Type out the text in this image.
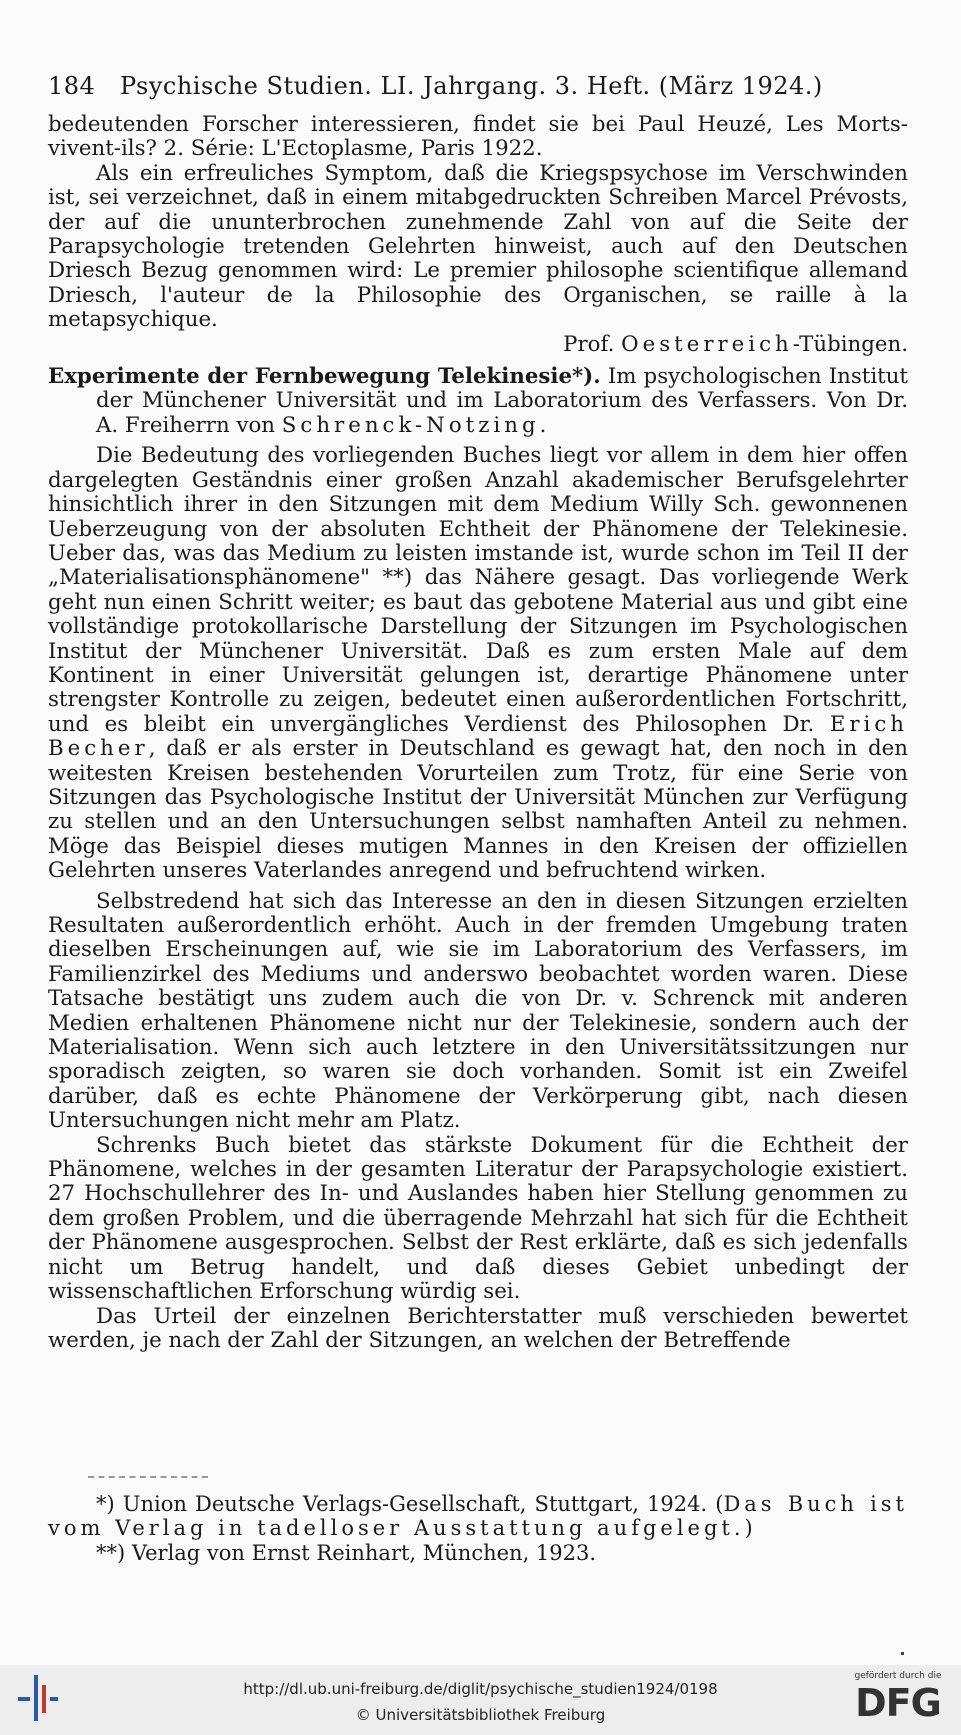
184 Psychische Studien. LI. Jahrgang. 3. Heft. (März 1924.)

bedeutenden Forscher interessieren, findet sie bei Paul Heuzé, Les Morts-vivent-ils? 2. Série: L'Ectoplasme, Paris 1922.

Als ein erfreuliches Symptom, daß die Kriegspsychose im Verschwinden ist, sei verzeichnet, daß in einem mitabgedruckten Schreiben Marcel Prévosts, der auf die ununterbrochen zunehmende Zahl von auf die Seite der Parapsychologie tretenden Gelehrten hinweist, auch auf den Deutschen Driesch Bezug genommen wird: Le premier philosophe scientifique allemand Driesch, l'auteur de la Philosophie des Organischen, se raille à la metapsychique.

Prof. Oesterreich-Tübingen.

Experimente der Fernbewegung Telekinesie*). Im psychologischen Institut der Münchener Universität und im Laboratorium des Verfassers. Von Dr. A. Freiherrn von Schrenck-Notzing.

Die Bedeutung des vorliegenden Buches liegt vor allem in dem hier offen dargelegten Geständnis einer großen Anzahl akademischer Berufsgelehrter hinsichtlich ihrer in den Sitzungen mit dem Medium Willy Sch. gewonnenen Ueberzeugung von der absoluten Echtheit der Phänomene der Telekinesie. Ueber das, was das Medium zu leisten imstande ist, wurde schon im Teil II der „Materialisationsphänomene" **) das Nähere gesagt. Das vorliegende Werk geht nun einen Schritt weiter; es baut das gebotene Material aus und gibt eine vollständige protokollarische Darstellung der Sitzungen im Psychologischen Institut der Münchener Universität. Daß es zum ersten Male auf dem Kontinent in einer Universität gelungen ist, derartige Phänomene unter strengster Kontrolle zu zeigen, bedeutet einen außerordentlichen Fortschritt, und es bleibt ein unvergängliches Verdienst des Philosophen Dr. Erich Becher, daß er als erster in Deutschland es gewagt hat, den noch in den weitesten Kreisen bestehenden Vorurteilen zum Trotz, für eine Serie von Sitzungen das Psychologische Institut der Universität München zur Verfügung zu stellen und an den Untersuchungen selbst namhaften Anteil zu nehmen. Möge das Beispiel dieses mutigen Mannes in den Kreisen der offiziellen Gelehrten unseres Vaterlandes anregend und befruchtend wirken.

Selbstredend hat sich das Interesse an den in diesen Sitzungen erzielten Resultaten außerordentlich erhöht. Auch in der fremden Umgebung traten dieselben Erscheinungen auf, wie sie im Laboratorium des Verfassers, im Familienzirkel des Mediums und anderswo beobachtet worden waren. Diese Tatsache bestätigt uns zudem auch die von Dr. v. Schrenck mit anderen Medien erhaltenen Phänomene nicht nur der Telekinesie, sondern auch der Materialisation. Wenn sich auch letztere in den Universitätssitzungen nur sporadisch zeigten, so waren sie doch vorhanden. Somit ist ein Zweifel darüber, daß es echte Phänomene der Verkörperung gibt, nach diesen Untersuchungen nicht mehr am Platz.

Schrenks Buch bietet das stärkste Dokument für die Echtheit der Phänomene, welches in der gesamten Literatur der Parapsychologie existiert. 27 Hochschullehrer des In- und Auslandes haben hier Stellung genommen zu dem großen Problem, und die überragende Mehrzahl hat sich für die Echtheit der Phänomene ausgesprochen. Selbst der Rest erklärte, daß es sich jedenfalls nicht um Betrug handelt, und daß dieses Gebiet unbedingt der wissenschaftlichen Erforschung würdig sei.

Das Urteil der einzelnen Berichterstatter muß verschieden bewertet werden, je nach der Zahl der Sitzungen, an welchen der Betreffende

*) Union Deutsche Verlags-Gesellschaft, Stuttgart, 1924. (Das Buch ist vom Verlag in tadelloser Ausstattung aufgelegt.)

**) Verlag von Ernst Reinhart, München, 1923.

http://dl.ub.uni-freiburg.de/diglit/psychische_studien1924/0198
© Universitätsbibliothek Freiburg
gefördert durch die
DFG
